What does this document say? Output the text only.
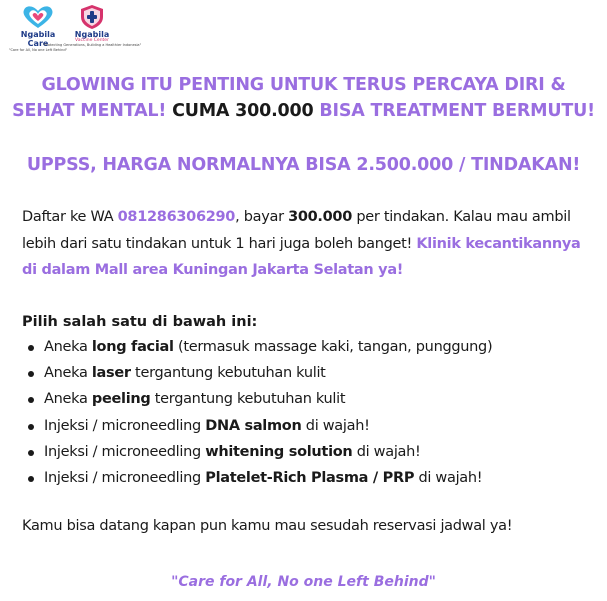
Ngabila Care
"Care for All, No one Left Behind"
Ngabila
Vaccine Center
"Protecting Generations, Building a Healthier Indonesia"
GLOWING ITU PENTING UNTUK TERUS PERCAYA DIRI &
SEHAT MENTAL! CUMA 300.000 BISA TREATMENT BERMUTU!
UPPSS, HARGA NORMALNYA BISA 2.500.000 / TINDAKAN!
Daftar ke WA 081286306290, bayar 300.000 per tindakan. Kalau mau ambil lebih dari satu tindakan untuk 1 hari juga boleh banget! Klinik kecantikannya di dalam Mall area Kuningan Jakarta Selatan ya!
Pilih salah satu di bawah ini:
Aneka long facial (termasuk massage kaki, tangan, punggung)
Aneka laser tergantung kebutuhan kulit
Aneka peeling tergantung kebutuhan kulit
Injeksi / microneedling DNA salmon di wajah!
Injeksi / microneedling whitening solution di wajah!
Injeksi / microneedling Platelet-Rich Plasma / PRP di wajah!
Kamu bisa datang kapan pun kamu mau sesudah reservasi jadwal ya!
"Care for All, No one Left Behind"
